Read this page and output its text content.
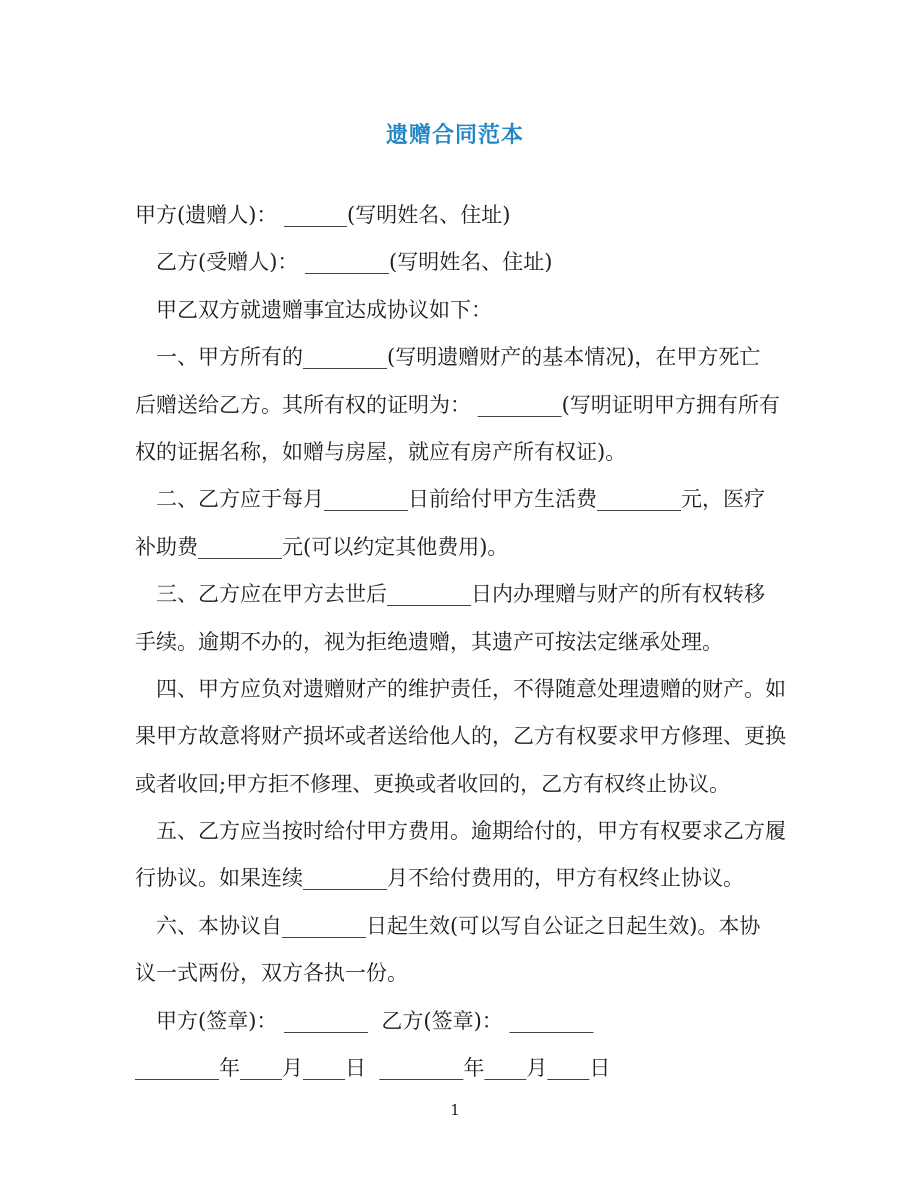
遗赠合同范本
甲方(遗赠人)： ______(写明姓名、住址)
乙方(受赠人)： ________(写明姓名、住址)
甲乙双方就遗赠事宜达成协议如下：
一、甲方所有的________(写明遗赠财产的基本情况)，在甲方死亡
后赠送给乙方。其所有权的证明为： ________(写明证明甲方拥有所有
权的证据名称，如赠与房屋，就应有房产所有权证)。
二、乙方应于每月________日前给付甲方生活费________元，医疗
补助费________元(可以约定其他费用)。
三、乙方应在甲方去世后________日内办理赠与财产的所有权转移
手续。逾期不办的，视为拒绝遗赠，其遗产可按法定继承处理。
四、甲方应负对遗赠财产的维护责任，不得随意处理遗赠的财产。如
果甲方故意将财产损坏或者送给他人的，乙方有权要求甲方修理、更换
或者收回;甲方拒不修理、更换或者收回的，乙方有权终止协议。
五、乙方应当按时给付甲方费用。逾期给付的，甲方有权要求乙方履
行协议。如果连续________月不给付费用的，甲方有权终止协议。
六、本协议自________日起生效(可以写自公证之日起生效)。本协
议一式两份，双方各执一份。
甲方(签章)： ________  乙方(签章)： ________
________年____月____日  ________年____月____日
1
